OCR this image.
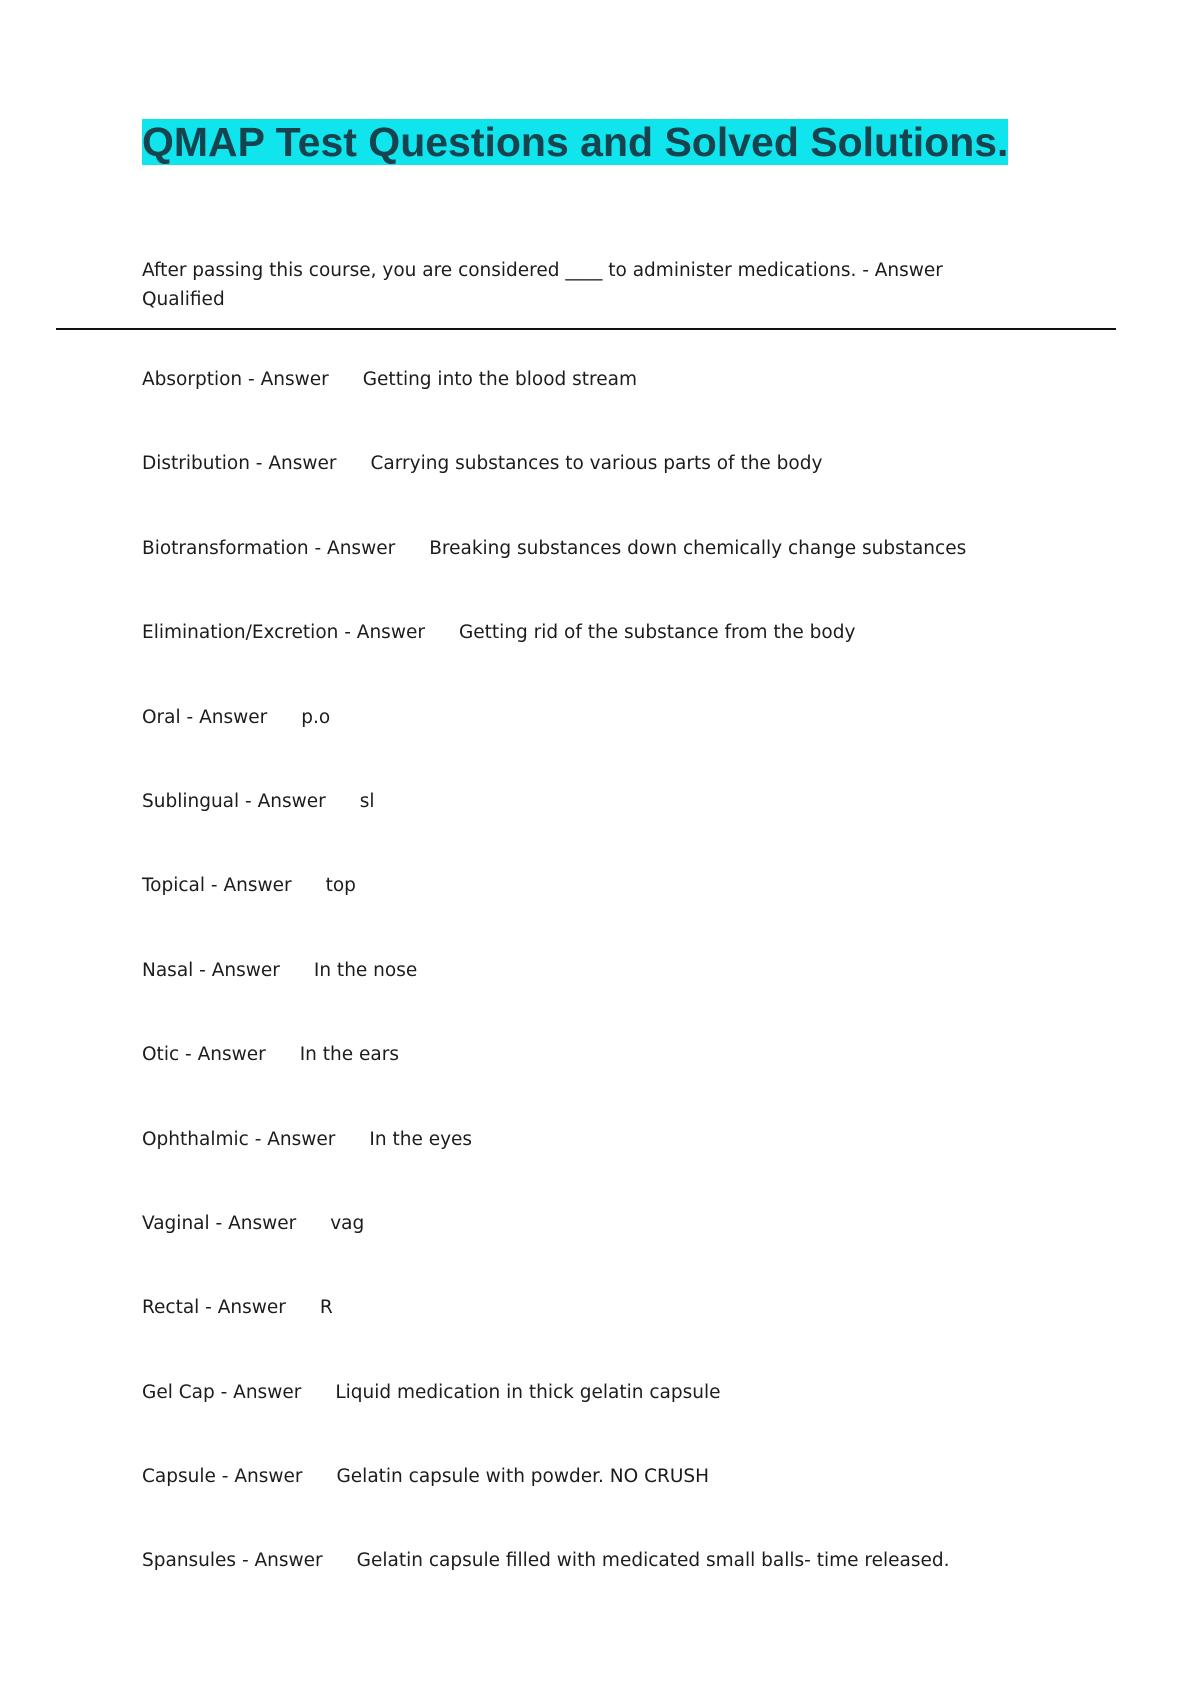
QMAP Test Questions and Solved Solutions.

After passing this course, you are considered ____ to administer medications. - Answer
Qualified

Absorption - Answer Getting into the blood stream
Distribution - Answer Carrying substances to various parts of the body
Biotransformation - Answer Breaking substances down chemically change substances
Elimination/Excretion - Answer Getting rid of the substance from the body
Oral - Answer p.o
Sublingual - Answer sl
Topical - Answer top
Nasal - Answer In the nose
Otic - Answer In the ears
Ophthalmic - Answer In the eyes
Vaginal - Answer vag
Rectal - Answer R
Gel Cap - Answer Liquid medication in thick gelatin capsule
Capsule - Answer Gelatin capsule with powder. NO CRUSH
Spansules - Answer Gelatin capsule filled with medicated small balls- time released.
